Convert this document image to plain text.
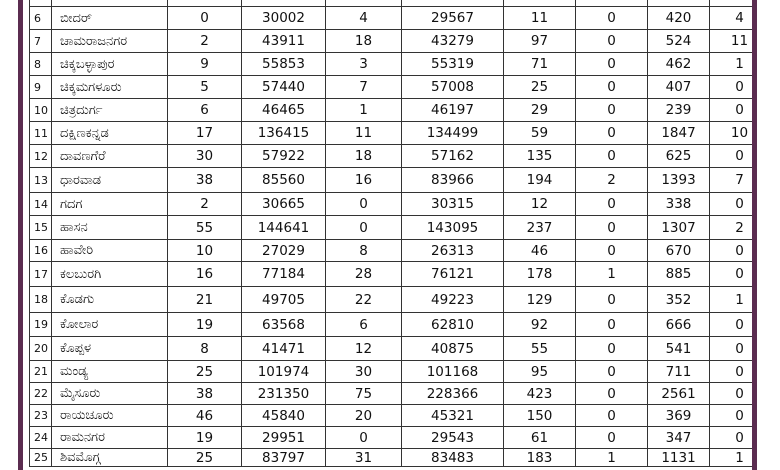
6	ಬೀದರ್	0	30002	4	29567	11	0	420	4
7	ಚಾಮರಾಜನಗರ	2	43911	18	43279	97	0	524	11
8	ಚಿಕ್ಕಬಳ್ಳಾಪುರ	9	55853	3	55319	71	0	462	1
9	ಚಿಕ್ಕಮಗಳೂರು	5	57440	7	57008	25	0	407	0
10	ಚಿತ್ರದುರ್ಗ	6	46465	1	46197	29	0	239	0
11	ದಕ್ಷಿಣಕನ್ನಡ	17	136415	11	134499	59	0	1847	10
12	ದಾವಣಗೆರೆ	30	57922	18	57162	135	0	625	0
13	ಧಾರವಾಡ	38	85560	16	83966	194	2	1393	7
14	ಗದಗ	2	30665	0	30315	12	0	338	0
15	ಹಾಸನ	55	144641	0	143095	237	0	1307	2
16	ಹಾವೇರಿ	10	27029	8	26313	46	0	670	0
17	ಕಲಬುರಗಿ	16	77184	28	76121	178	1	885	0
18	ಕೊಡಗು	21	49705	22	49223	129	0	352	1
19	ಕೋಲಾರ	19	63568	6	62810	92	0	666	0
20	ಕೊಪ್ಪಳ	8	41471	12	40875	55	0	541	0
21	ಮಂಡ್ಯ	25	101974	30	101168	95	0	711	0
22	ಮೈಸೂರು	38	231350	75	228366	423	0	2561	0
23	ರಾಯಚೂರು	46	45840	20	45321	150	0	369	0
24	ರಾಮನಗರ	19	29951	0	29543	61	0	347	0
25	ಶಿವಮೊಗ್ಗ	25	83797	31	83483	183	1	1131	1
